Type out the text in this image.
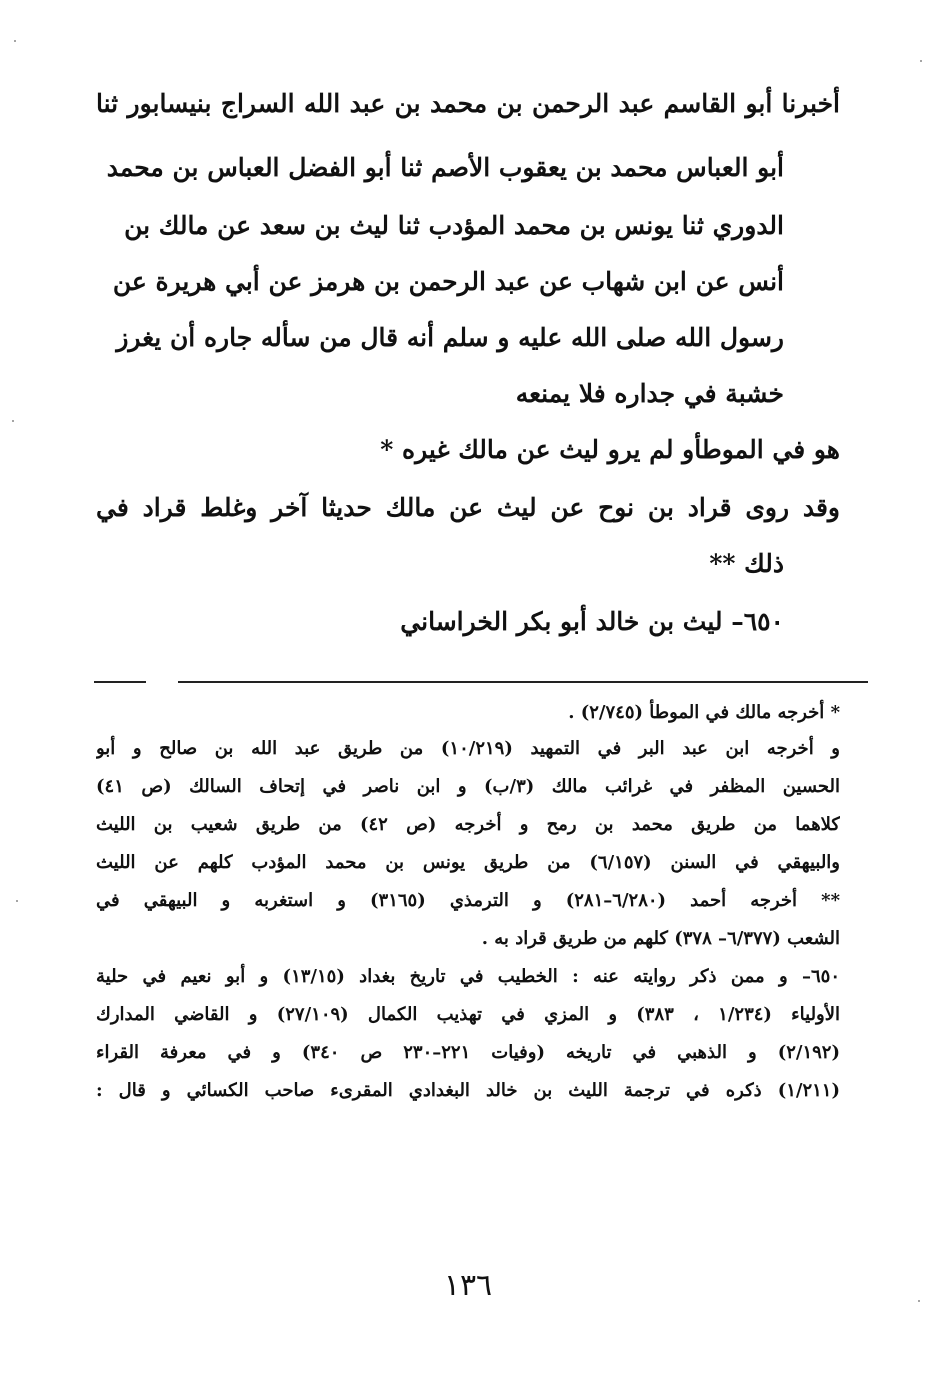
أخبرنا أبو القاسم عبد الرحمن بن محمد بن عبد الله السراج بنيسابور ثنا
أبو العباس محمد بن يعقوب الأصم ثنا أبو الفضل العباس بن محمد
الدوري ثنا يونس بن محمد المؤدب ثنا ليث بن سعد عن مالك بن
أنس عن ابن شهاب عن عبد الرحمن بن هرمز عن أبي هريرة عن
رسول الله صلى الله عليه و سلم أنه قال من سأله جاره أن يغرز
خشبة في جداره فلا يمنعه
هو في الموطأو لم يرو ليث عن مالك غيره *
وقد روى قراد بن نوح عن ليث عن مالك حديثا آخر وغلط قراد في
ذلك **
٦٥٠– ليث بن خالد أبو بكر الخراساني
* أخرجه مالك في الموطأ (٢/٧٤٥) .
و أخرجه ابن عبد البر في التمهيد (١٠/٢١٩) من طريق عبد الله بن صالح و أبو
الحسين المظفر في غرائب مالك (٣/ب) و ابن ناصر في إتحاف السالك (ص ٤١)
كلاهما من طريق محمد بن رمح و أخرجه (ص ٤٢) من طريق شعيب بن الليث
والبيهقي في السنن (٦/١٥٧) من طريق يونس بن محمد المؤدب كلهم عن الليث
** أخرجه أحمد (٦/٢٨٠–٢٨١) و الترمذي (٣١٦٥) و استغربه و البيهقي في
الشعب (٦/٣٧٧– ٣٧٨) كلهم من طريق قراد به .
٦٥٠– و ممن ذكر روايته عنه : الخطيب في تاريخ بغداد (١٣/١٥) و أبو نعيم في حلية
الأولياء (١/٢٣٤ ، ٣٨٣) و المزي في تهذيب الكمال (٢٧/١٠٩) و القاضي المدارك
(٢/١٩٢) و الذهبي في تاريخه (وفيات ٢٢١–٢٣٠ ص ٣٤٠) و في معرفة القراء
(١/٢١١) ذكره في ترجمة الليث بن خالد البغدادي المقرىء صاحب الكسائي و قال :
١٣٦
